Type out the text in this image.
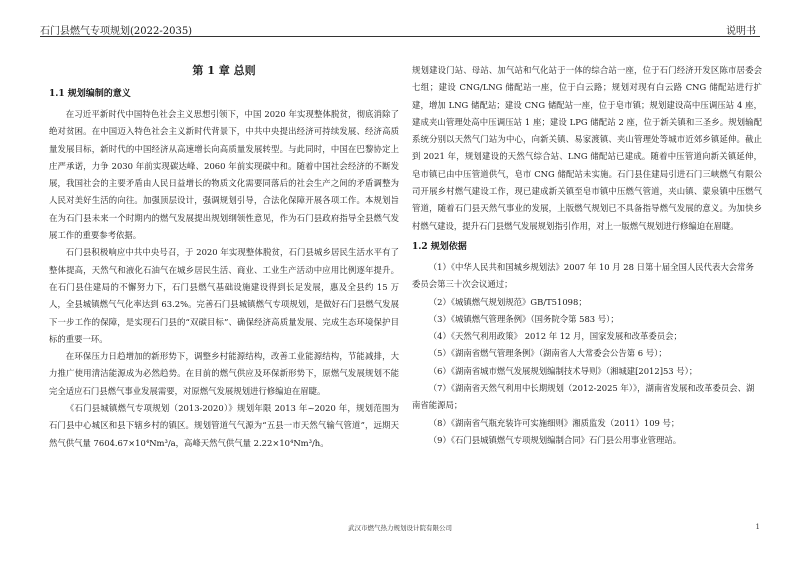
石门县燃气专项规划(2022-2035)	说明书
第 1 章 总则
1.1 规划编制的意义

在习近平新时代中国特色社会主义思想引领下，中国 2020 年实现整体脱贫，彻底消除了绝对贫困。在中国迈入特色社会主义新时代背景下，中共中央提出经济可持续发展、经济高质量发展目标，新时代的中国经济从高速增长向高质量发展转型。与此同时，中国在巴黎协定上庄严承诺，力争 2030 年前实现碳达峰、2060 年前实现碳中和。随着中国社会经济的不断发展，我国社会的主要矛盾由人民日益增长的物质文化需要同落后的社会生产之间的矛盾调整为人民对美好生活的向往。加强顶层设计，强调规划引导，合法化保障开展各项工作。本规划旨在为石门县未来一个时期内的燃气发展提出规划纲领性意见，作为石门县政府指导全县燃气发展工作的重要参考依据。

石门县积极响应中共中央号召，于 2020 年实现整体脱贫，石门县城乡居民生活水平有了整体提高，天然气和液化石油气在城乡居民生活、商业、工业生产活动中应用比例逐年提升。在石门县住建局的不懈努力下，石门县燃气基础设施建设得到长足发展，惠及全县约 15 万人，全县城镇燃气气化率达到 63.2%。完善石门县城镇燃气专项规划，是做好石门县燃气发展下一步工作的保障，是实现石门县的“双碳目标”、确保经济高质量发展、完成生态环境保护目标的重要一环。

在环保压力日趋增加的新形势下，调整乡村能源结构，改善工业能源结构，节能减排，大力推广使用清洁能源成为必然趋势。在目前的燃气供应及环保新形势下，原燃气发展规划不能完全适应石门县燃气事业发展需要，对原燃气发展规划进行修编迫在眉睫。

《石门县城镇燃气专项规划（2013-2020）》规划年限 2013 年~2020 年，规划范围为石门县中心城区和县下辖乡村的镇区。规划管道气气源为“五县一市天然气输气管道”，远期天然气供气量 7604.67×10⁴Nm³/a，高峰天然气供气量 2.22×10⁴Nm³/h。

规划建设门站、母站、加气站和气化站于一体的综合站一座，位于石门经济开发区陈市居委会七组；建设 CNG/LNG 储配站一座，位于白云路；规划对现有白云路 CNG 储配站进行扩建，增加 LNG 储配站；建设 CNG 储配站一座，位于皂市镇；规划建设高中压调压站 4 座，建成夹山管理处高中压调压站 1 座；建设 LPG 储配站 2 座，位于新关镇和三圣乡。规划输配系统分别以天然气门站为中心，向新关镇、易家渡镇、夹山管理处等城市近郊乡镇延伸。截止到 2021 年，规划建设的天然气综合站、LNG 储配站已建成。随着中压管道向新关镇延伸，皂市镇已由中压管道供气，皂市 CNG 储配站未实施。石门县住建局引进石门三峡燃气有限公司开展乡村燃气建设工作，现已建成新关镇至皂市镇中压燃气管道，夹山镇、蒙泉镇中压燃气管道，随着石门县天然气事业的发展，上版燃气规划已不具备指导燃气发展的意义。为加快乡村燃气建设，提升石门县燃气发展规划指引作用，对上一版燃气规划进行修编迫在眉睫。

1.2 规划依据

（1）《中华人民共和国城乡规划法》2007 年 10 月 28 日第十届全国人民代表大会常务委员会第三十次会议通过；

（2）《城镇燃气规划规范》GB/T51098；

（3）《城镇燃气管理条例》（国务院令第 583 号）；

（4）《天然气利用政策》 2012 年 12 月，国家发展和改革委员会；

（5）《湖南省燃气管理条例》（湖南省人大常委会公告第 6 号）；

（6）《湖南省城市燃气发展规划编制技术导则》（湘城建[2012]53 号）；

（7）《湖南省天然气利用中长期规划（2012-2025 年）》，湖南省发展和改革委员会、湖南省能源局；

（8）《湖南省气瓶充装许可实施细则》湘质监发（2011）109 号；

（9）《石门县城镇燃气专项规划编制合同》石门县公用事业管理站。

武汉市燃气热力规划设计院有限公司	1
